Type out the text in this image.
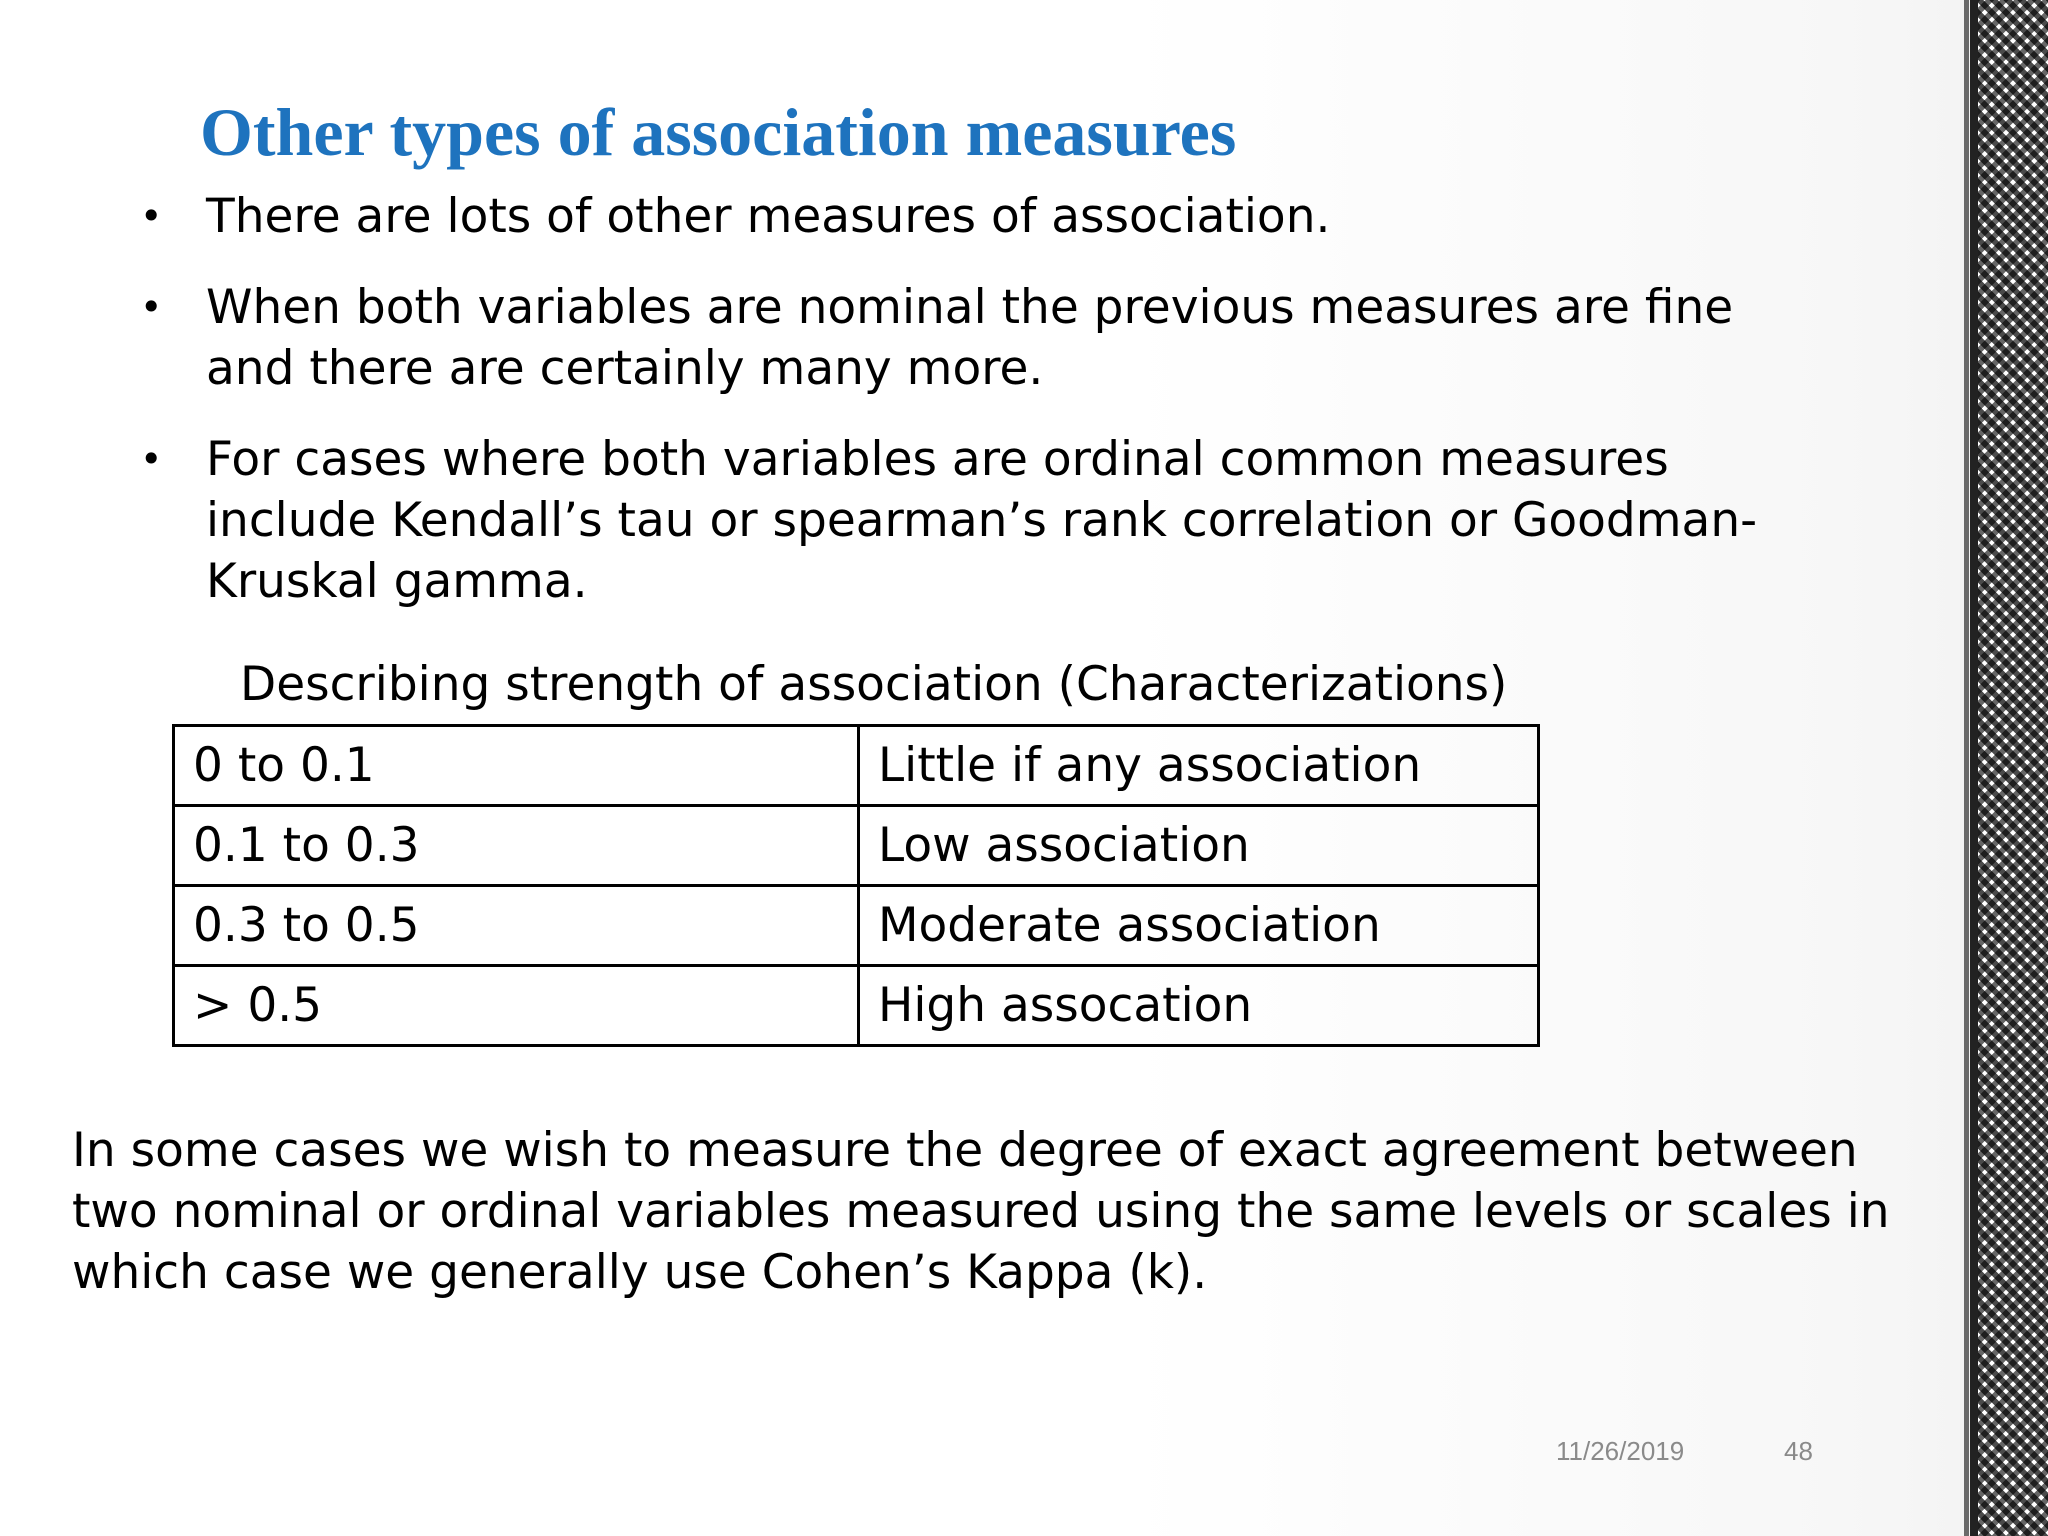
Other types of association measures
• There are lots of other measures of association.
• When both variables are nominal the previous measures are fine and there are certainly many more.
• For cases where both variables are ordinal common measures include Kendall’s tau or spearman’s rank correlation or Goodman-Kruskal gamma.
Describing strength of association (Characterizations)
0 to 0.1	Little if any association
0.1 to 0.3	Low association
0.3 to 0.5	Moderate association
> 0.5	High assocation
In some cases we wish to measure the degree of exact agreement between two nominal or ordinal variables measured using the same levels or scales in which case we generally use Cohen’s Kappa (k).
11/26/2019	48
